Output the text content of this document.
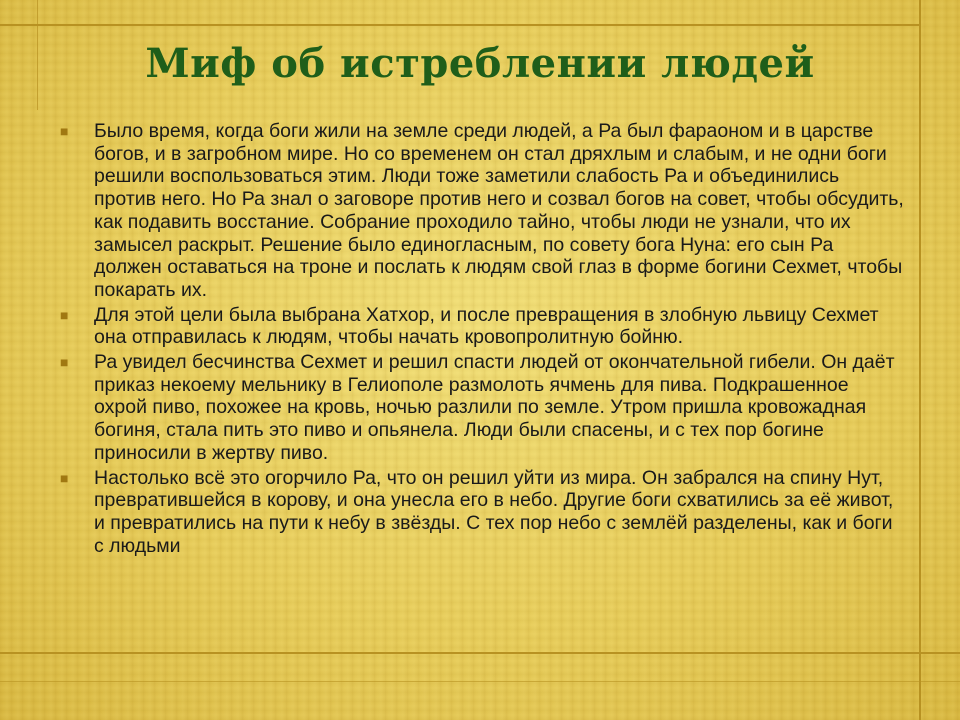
Миф об истреблении людей
■ Было время, когда боги жили на земле среди людей, а Ра был фараоном и в царстве богов, и в загробном мире. Но со временем он стал дряхлым и слабым, и не одни боги решили воспользоваться этим. Люди тоже заметили слабость Ра и объединились против него. Но Ра знал о заговоре против него и созвал богов на совет, чтобы обсудить, как подавить восстание. Собрание проходило тайно, чтобы люди не узнали, что их замысел раскрыт. Решение было единогласным, по совету бога Нуна: его сын Ра должен оставаться на троне и послать к людям свой глаз в форме богини Сехмет, чтобы покарать их.
■ Для этой цели была выбрана Хатхор, и после превращения в злобную львицу Сехмет она отправилась к людям, чтобы начать кровопролитную бойню.
■ Ра увидел бесчинства Сехмет и решил спасти людей от окончательной гибели. Он даёт приказ некоему мельнику в Гелиополе размолоть ячмень для пива. Подкрашенное охрой пиво, похожее на кровь, ночью разлили по земле. Утром пришла кровожадная богиня, стала пить это пиво и опьянела. Люди были спасены, и с тех пор богине приносили в жертву пиво.
■ Настолько всё это огорчило Ра, что он решил уйти из мира. Он забрался на спину Нут, превратившейся в корову, и она унесла его в небо. Другие боги схватились за её живот, и превратились на пути к небу в звёзды. С тех пор небо с землёй разделены, как и боги с людьми
